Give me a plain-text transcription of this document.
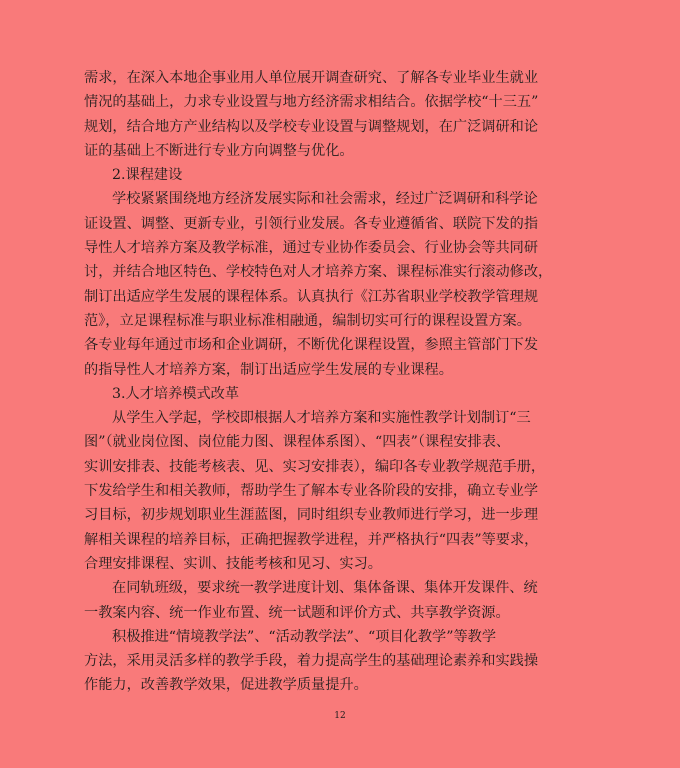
需求，在深入本地企事业用人单位展开调查研究、了解各专业毕业生就业
情况的基础上，力求专业设置与地方经济需求相结合。依据学校“十三五”
规划，结合地方产业结构以及学校专业设置与调整规划，在广泛调研和论
证的基础上不断进行专业方向调整与优化。
2.课程建设
学校紧紧围绕地方经济发展实际和社会需求，经过广泛调研和科学论
证设置、调整、更新专业，引领行业发展。各专业遵循省、联院下发的指
导性人才培养方案及教学标准，通过专业协作委员会、行业协会等共同研
讨，并结合地区特色、学校特色对人才培养方案、课程标准实行滚动修改，
制订出适应学生发展的课程体系。认真执行《江苏省职业学校教学管理规
范》，立足课程标准与职业标准相融通，编制切实可行的课程设置方案。
各专业每年通过市场和企业调研，不断优化课程设置，参照主管部门下发
的指导性人才培养方案，制订出适应学生发展的专业课程。
3.人才培养模式改革
从学生入学起，学校即根据人才培养方案和实施性教学计划制订“三
图”（就业岗位图、岗位能力图、课程体系图）、“四表”（课程安排表、
实训安排表、技能考核表、见、实习安排表），编印各专业教学规范手册，
下发给学生和相关教师，帮助学生了解本专业各阶段的安排，确立专业学
习目标，初步规划职业生涯蓝图，同时组织专业教师进行学习，进一步理
解相关课程的培养目标，正确把握教学进程，并严格执行“四表”等要求，
合理安排课程、实训、技能考核和见习、实习。
在同轨班级，要求统一教学进度计划、集体备课、集体开发课件、统
一教案内容、统一作业布置、统一试题和评价方式、共享教学资源。
积极推进“情境教学法”、“活动教学法”、“项目化教学”等教学
方法，采用灵活多样的教学手段，着力提高学生的基础理论素养和实践操
作能力，改善教学效果，促进教学质量提升。
12
